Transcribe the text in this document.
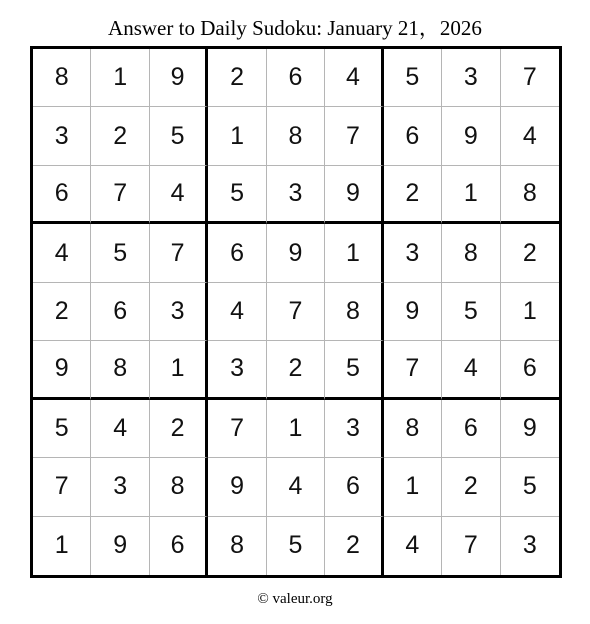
Answer to Daily Sudoku: January 21，2026
8	1	9	2	6	4	5	3	7
3	2	5	1	8	7	6	9	4
6	7	4	5	3	9	2	1	8
4	5	7	6	9	1	3	8	2
2	6	3	4	7	8	9	5	1
9	8	1	3	2	5	7	4	6
5	4	2	7	1	3	8	6	9
7	3	8	9	4	6	1	2	5
1	9	6	8	5	2	4	7	3
© valeur.org
